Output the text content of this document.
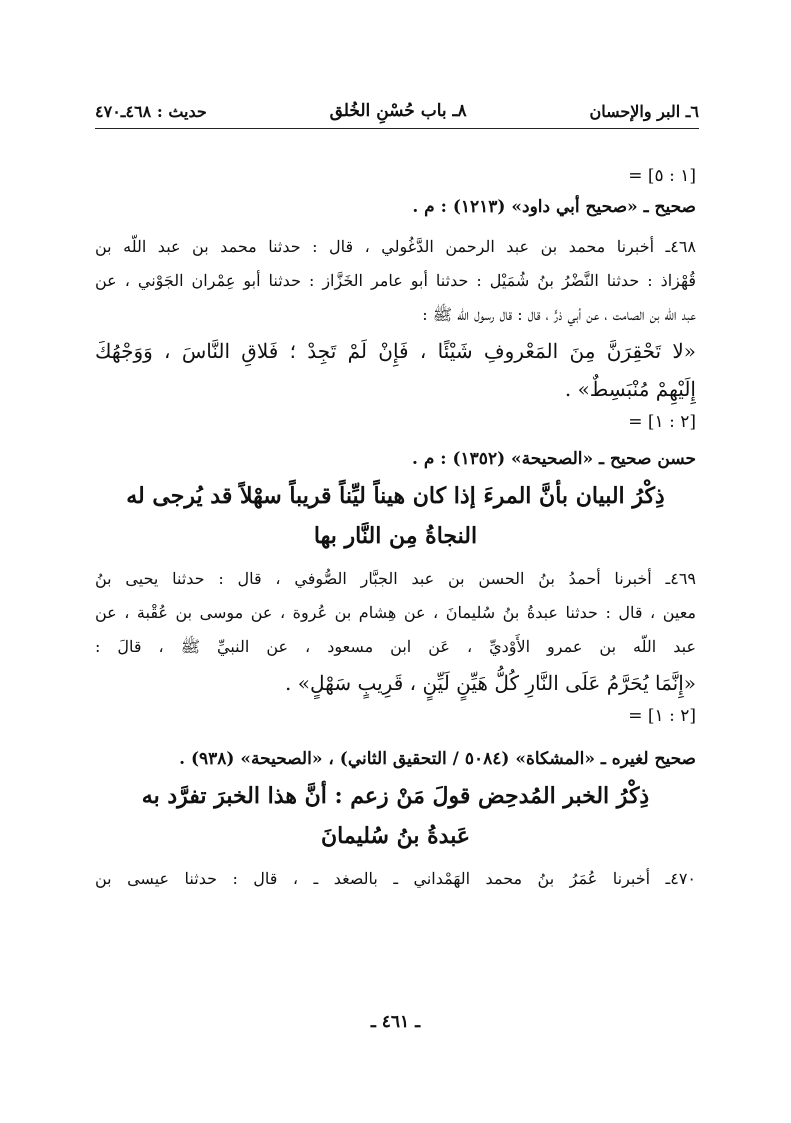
٦ـ البر والإحسان
٨ـ باب حُسْنِ الخُلق
حديث : ٤٦٨ـ٤٧٠
[١ : ٥] =
صحيح ـ «صحيح أبي داود» (١٢١٣) : م .
٤٦٨ـ أخبرنا محمد بن عبد الرحمن الدَّغُولي ، قال : حدثنا محمد بن عبد اللّه بن
قُهْزاذ : حدثنا النَّضْرُ بنُ شُمَيْل : حدثنا أبو عامر الخَزَّاز : حدثنا أبو عِمْران الجَوْني ، عن
عبد اللّه بن الصامت ، عن أبي ذرٍّ ، قال : قال رسول اللّه ﷺ :
«لا تَحْقِرَنَّ مِنَ المَعْروفِ شَيْئًا ، فَإِنْ لَمْ تَجِدْ ؛ فَلاقِ النَّاسَ ، وَوَجْهُكَ
إِلَيْهِمْ مُنْبَسِطٌ» .
[٢ : ١] =
حسن صحيح ـ «الصحيحة» (١٣٥٢) : م .
ذِكْرُ البيان بأنَّ المرءَ إذا كان هيناً ليِّناً قريباً سهْلاً قد يُرجى له
النجاةُ مِن النَّار بها
٤٦٩ـ أخبرنا أحمدُ بنُ الحسن بن عبد الجبَّار الصُّوفي ، قال : حدثنا يحيى بنُ
معين ، قال : حدثنا عبدةُ بنُ سُليمانَ ، عن هِشام بن عُروة ، عن موسى بن عُقْبة ، عن
عبد اللّه بن عمرو الأَوْديِّ ، عَن ابن مسعود ، عن النبيِّ ﷺ ، قالَ :
«إِنَّمَا يُحَرَّمُ عَلَى النَّارِ كُلُّ هَيِّنٍ لَيِّنٍ ، قَرِيبٍ سَهْلٍ» .
[٢ : ١] =
صحيح لغيره ـ «المشكاة» (٥٠٨٤ / التحقيق الثاني) ، «الصحيحة» (٩٣٨) .
ذِكْرُ الخبر المُدحِض قولَ مَنْ زعم : أنَّ هذا الخبرَ تفرَّد به
عَبدةُ بنُ سُليمانَ
٤٧٠ـ أخبرنا عُمَرُ بنُ محمد الهَمْداني ـ بالصغد ـ ، قال : حدثنا عيسى بن
ـ ٤٦١ ـ
